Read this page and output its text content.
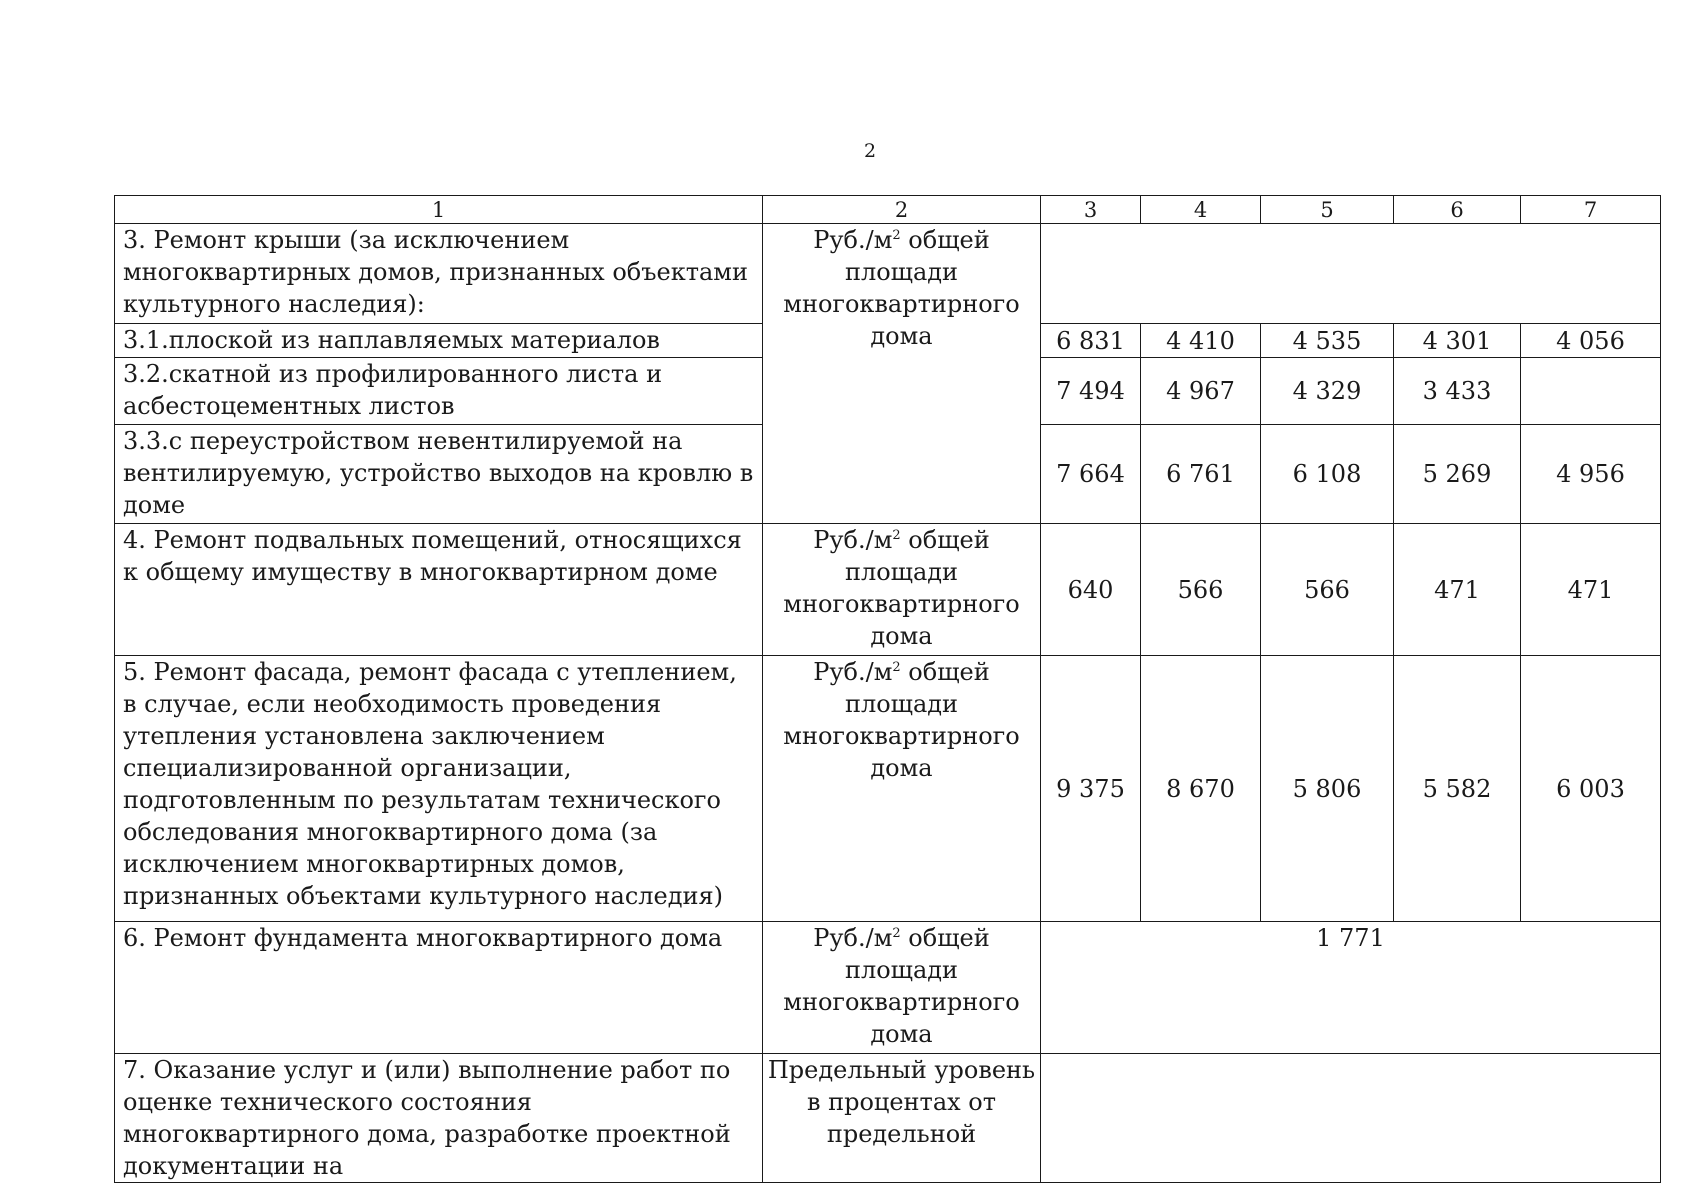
2
1	2	3	4	5	6	7
3. Ремонт крыши (за исключением многоквартирных домов, признанных объектами культурного наследия):	$Руб./м^2$ общей площади многоквартирного дома					
3.1.плоской из наплавляемых материалов		6 831	4 410	4 535	4 301	4 056
3.2.скатной из профилированного листа и асбестоцементных листов		7 494	4 967	4 329	3 433	
3.3.с переустройством невентилируемой на вентилируемую, устройство выходов на кровлю в доме		7 664	6 761	6 108	5 269	4 956
4. Ремонт подвальных помещений, относящихся к общему имуществу в многоквартирном доме	$Руб./м^2$ общей площади многоквартирного дома	640	566	566	471	471
5. Ремонт фасада, ремонт фасада с утеплением, в случае, если необходимость проведения утепления установлена заключением специализированной организации, подготовленным по результатам технического обследования многоквартирного дома (за исключением многоквартирных домов, признанных объектами культурного наследия)	$Руб./м^2$ общей площади многоквартирного дома	9 375	8 670	5 806	5 582	6 003
6. Ремонт фундамента многоквартирного дома	$Руб./м^2$ общей площади многоквартирного дома	1 771				
7. Оказание услуг и (или) выполнение работ по оценке технического состояния многоквартирного дома, разработке проектной документации на	Предельный уровень в процентах от предельной					
